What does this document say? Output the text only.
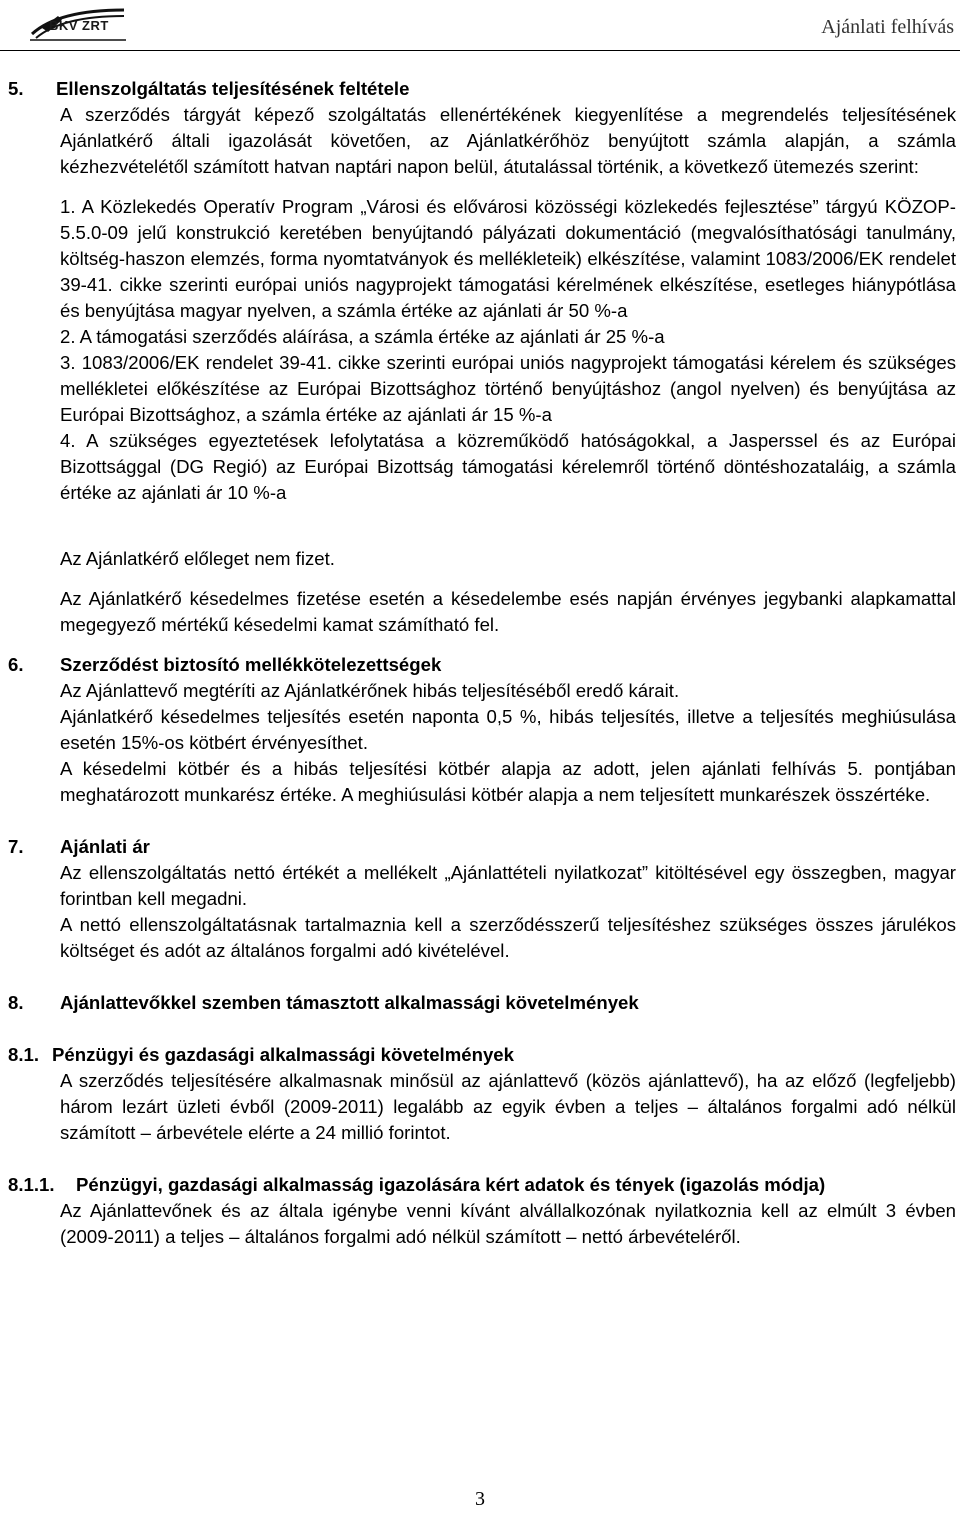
BKV ZRT	Ajánlati felhívás
5.	Ellenszolgáltatás teljesítésének feltétele

A szerződés tárgyát képező szolgáltatás ellenértékének kiegyenlítése a megrendelés teljesítésének Ajánlatkérő általi igazolását követően, az Ajánlatkérőhöz benyújtott számla alapján, a számla kézhezvételétől számított hatvan naptári napon belül, átutalással történik, a következő ütemezés szerint:

1. A Közlekedés Operatív Program „Városi és elővárosi közösségi közlekedés fejlesztése” tárgyú KÖZOP-5.5.0-09 jelű konstrukció keretében benyújtandó pályázati dokumentáció (megvalósíthatósági tanulmány, költség-haszon elemzés, forma nyomtatványok és mellékleteik) elkészítése, valamint 1083/2006/EK rendelet 39-41. cikke szerinti európai uniós nagyprojekt támogatási kérelmének elkészítése, esetleges hiánypótlása és benyújtása magyar nyelven, a számla értéke az ajánlati ár 50 %-a

2. A támogatási szerződés aláírása, a számla értéke az ajánlati ár 25 %-a

3. 1083/2006/EK rendelet 39-41. cikke szerinti európai uniós nagyprojekt támogatási kérelem és szükséges mellékletei előkészítése az Európai Bizottsághoz történő benyújtáshoz (angol nyelven) és benyújtása az Európai Bizottsághoz, a számla értéke az ajánlati ár 15 %-a

4. A szükséges egyeztetések lefolytatása a közreműködő hatóságokkal, a Jasperssel és az Európai Bizottsággal (DG Regió) az Európai Bizottság támogatási kérelemről történő döntéshozataláig, a számla értéke az ajánlati ár 10 %-a

Az Ajánlatkérő előleget nem fizet.

Az Ajánlatkérő késedelmes fizetése esetén a késedelembe esés napján érvényes jegybanki alapkamattal megegyező mértékű késedelmi kamat számítható fel.

6.	Szerződést biztosító mellékkötelezettségek

Az Ajánlattevő megtéríti az Ajánlatkérőnek hibás teljesítéséből eredő kárait.

Ajánlatkérő késedelmes teljesítés esetén naponta 0,5 %, hibás teljesítés, illetve a teljesítés meghiúsulása esetén 15%-os kötbért érvényesíthet.

A késedelmi kötbér és a hibás teljesítési kötbér alapja az adott, jelen ajánlati felhívás 5. pontjában meghatározott munkarész értéke. A meghiúsulási kötbér alapja a nem teljesített munkarészek összértéke.

7.	Ajánlati ár

Az ellenszolgáltatás nettó értékét a mellékelt „Ajánlattételi nyilatkozat” kitöltésével egy összegben, magyar forintban kell megadni.

A nettó ellenszolgáltatásnak tartalmaznia kell a szerződésszerű teljesítéshez szükséges összes járulékos költséget és adót az általános forgalmi adó kivételével.

8.	Ajánlattevőkkel szemben támasztott alkalmassági követelmények
8.1. Pénzügyi és gazdasági alkalmassági követelmények

A szerződés teljesítésére alkalmasnak minősül az ajánlattevő (közös ajánlattevő), ha az előző (legfeljebb) három lezárt üzleti évből (2009-2011) legalább az egyik évben a teljes – általános forgalmi adó nélkül számított – árbevétele elérte a 24 millió forintot.

8.1.1.	Pénzügyi, gazdasági alkalmasság igazolására kért adatok és tények (igazolás módja)

Az Ajánlattevőnek és az általa igénybe venni kívánt alvállalkozónak nyilatkoznia kell az elmúlt 3 évben (2009-2011) a teljes – általános forgalmi adó nélkül számított – nettó árbevételéről.

3
